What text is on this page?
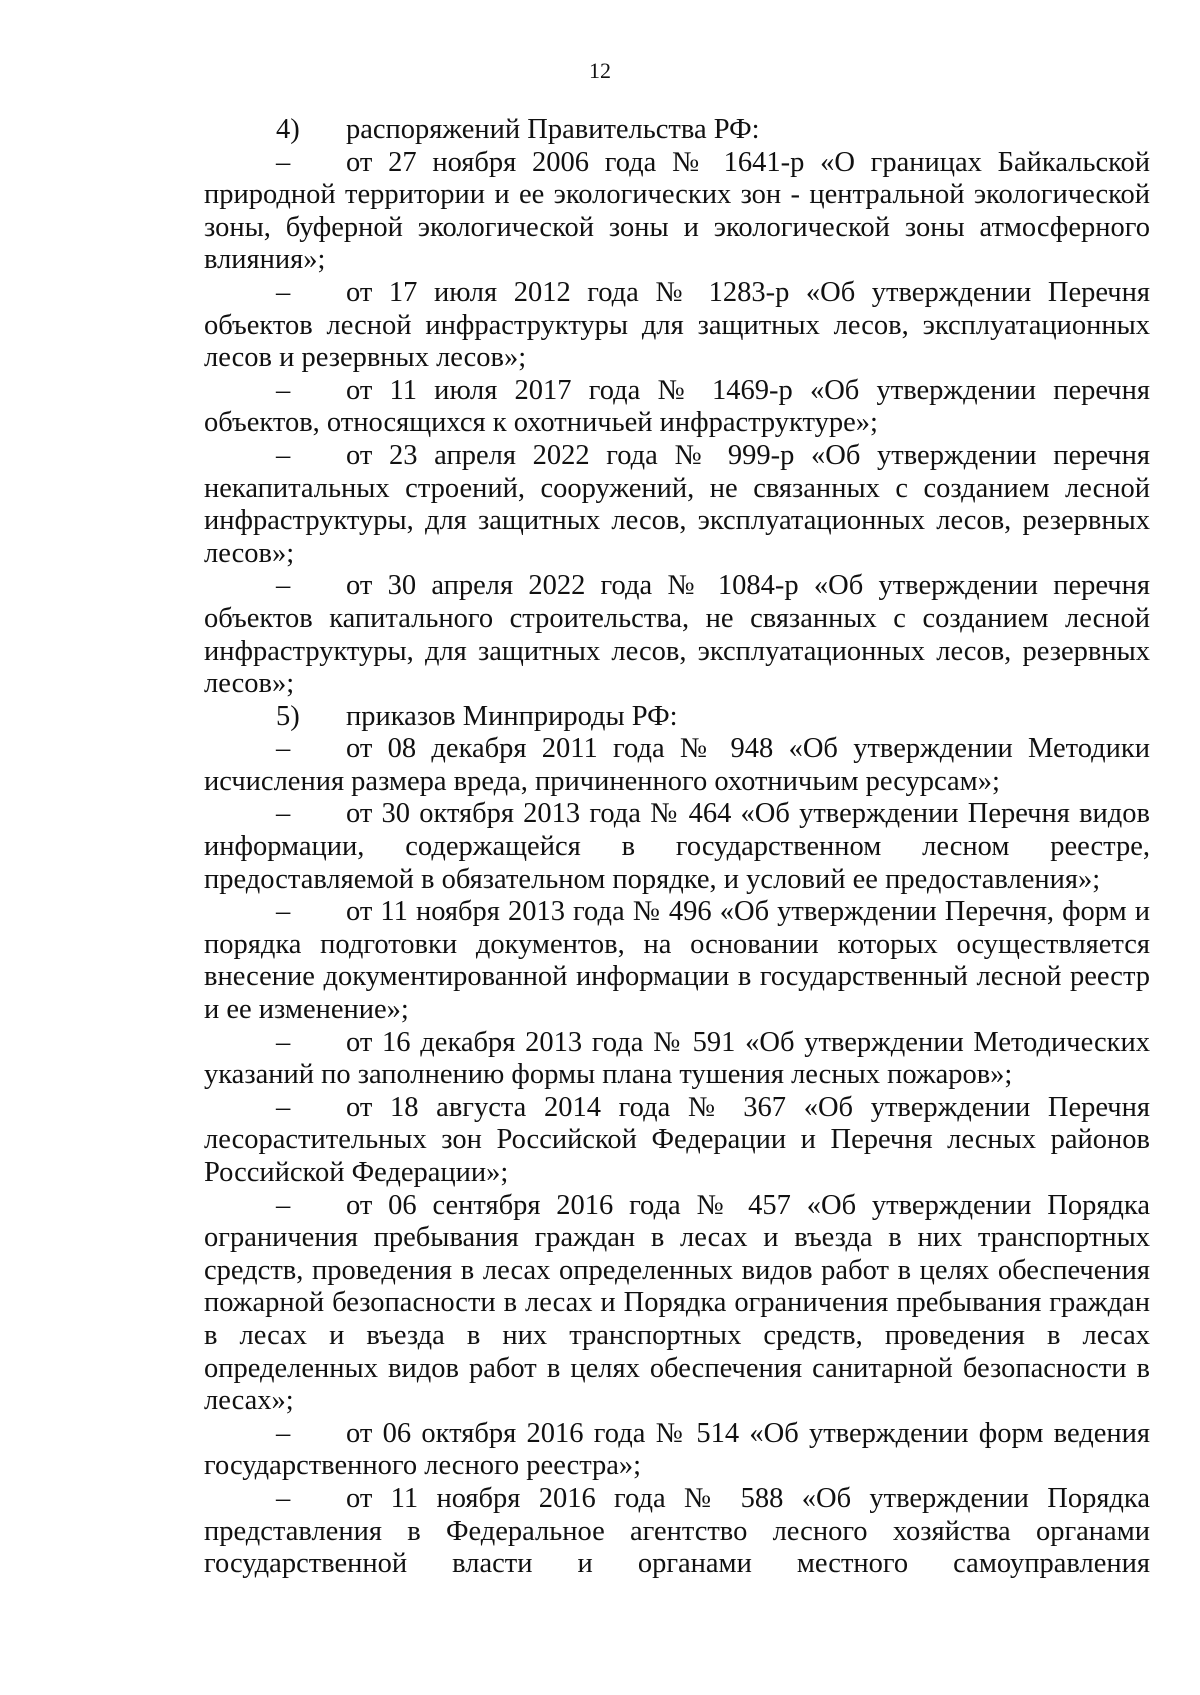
12
4) распоряжений Правительства РФ:
– от 27 ноября 2006 года № 1641-р «О границах Байкальской
природной территории и ее экологических зон - центральной экологической
зоны, буферной экологической зоны и экологической зоны атмосферного
влияния»;
– от 17 июля 2012 года № 1283-р «Об утверждении Перечня
объектов лесной инфраструктуры для защитных лесов, эксплуатационных
лесов и резервных лесов»;
– от 11 июля 2017 года № 1469-р «Об утверждении перечня
объектов, относящихся к охотничьей инфраструктуре»;
– от 23 апреля 2022 года № 999-р «Об утверждении перечня
некапитальных строений, сооружений, не связанных с созданием лесной
инфраструктуры, для защитных лесов, эксплуатационных лесов, резервных
лесов»;
– от 30 апреля 2022 года № 1084-р «Об утверждении перечня
объектов капитального строительства, не связанных с созданием лесной
инфраструктуры, для защитных лесов, эксплуатационных лесов, резервных
лесов»;
5) приказов Минприроды РФ:
– от 08 декабря 2011 года № 948 «Об утверждении Методики
исчисления размера вреда, причиненного охотничьим ресурсам»;
– от 30 октября 2013 года № 464 «Об утверждении Перечня видов
информации, содержащейся в государственном лесном реестре,
предоставляемой в обязательном порядке, и условий ее предоставления»;
– от 11 ноября 2013 года № 496 «Об утверждении Перечня, форм и
порядка подготовки документов, на основании которых осуществляется
внесение документированной информации в государственный лесной реестр
и ее изменение»;
– от 16 декабря 2013 года № 591 «Об утверждении Методических
указаний по заполнению формы плана тушения лесных пожаров»;
– от 18 августа 2014 года № 367 «Об утверждении Перечня
лесорастительных зон Российской Федерации и Перечня лесных районов
Российской Федерации»;
– от 06 сентября 2016 года № 457 «Об утверждении Порядка
ограничения пребывания граждан в лесах и въезда в них транспортных
средств, проведения в лесах определенных видов работ в целях обеспечения
пожарной безопасности в лесах и Порядка ограничения пребывания граждан
в лесах и въезда в них транспортных средств, проведения в лесах
определенных видов работ в целях обеспечения санитарной безопасности в
лесах»;
– от 06 октября 2016 года № 514 «Об утверждении форм ведения
государственного лесного реестра»;
– от 11 ноября 2016 года № 588 «Об утверждении Порядка
представления в Федеральное агентство лесного хозяйства органами
государственной власти и органами местного самоуправления
